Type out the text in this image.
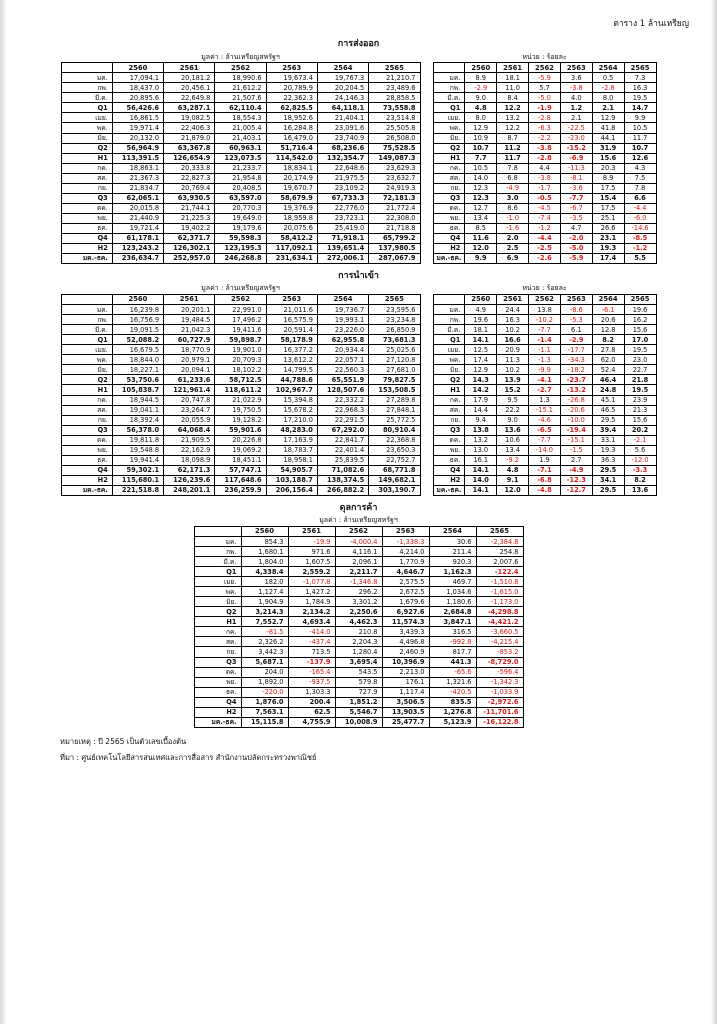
ตาราง 1 ล้านเหรียญ
การส่งออก
มูลค่า : ล้านเหรียญสหรัฐฯ						
	2560	2561	2562	2563	2564	2565
มค.	17,094.1	20,181.2	18,990.6	19,673.4	19,767.3	21,210.7
กพ.	18,437.0	20,456.1	21,612.2	20,789.9	20,204.5	23,489.6
มี.ค.	20,895.6	22,649.8	21,507.6	22,362.3	24,146.3	28,858.5
Q1	56,426.6	63,287.1	62,110.4	62,825.5	64,118.1	73,558.8
เมย.	16,861.5	19,082.5	18,554.3	18,952.6	21,404.1	23,514.8
พค.	19,971.4	22,406.3	21,005.4	16,284.8	23,091.6	25,505.8
มิย.	20,132.0	21,879.0	21,403.1	16,479.0	23,740.9	26,508.0
Q2	56,964.9	63,367.8	60,963.1	51,716.4	68,236.6	75,528.5
H1	113,391.5	126,654.9	123,073.5	114,542.0	132,354.7	149,087.3
กค.	18,863.1	20,333.8	21,233.7	18,834.1	22,648.6	23,629.3
สค.	21,367.3	22,827.3	21,954.8	20,174.9	21,975.5	23,632.7
กย.	21,834.7	20,769.4	20,408.5	19,670.7	23,109.2	24,919.3
Q3	62,065.1	63,930.5	63,597.0	58,679.9	67,733.3	72,181.3
ตค.	20,015.8	21,744.1	20,770.3	19,376.9	22,776.0	21,772.4
พย.	21,440.9	21,225.3	19,649.0	18,959.8	23,723.1	22,308.0
ธค.	19,721.4	19,402.2	19,179.6	20,075.6	25,419.0	21,718.8
Q4	61,178.1	62,371.7	59,598.3	58,412.2	71,918.1	65,799.2
H2	123,243.2	126,302.1	123,195.3	117,092.1	139,651.4	137,980.5
มค.-ธค.	236,634.7	252,957.0	246,268.8	231,634.1	272,006.1	287,067.9
หน่วย : ร้อยละ						
	2560	2561	2562	2563	2564	2565
มค.	8.9	18.1	-5.9	3.6	0.5	7.3
กพ.	-2.9	11.0	5.7	-3.8	-2.8	16.3
มี.ค.	9.0	8.4	-5.0	4.0	8.0	19.5
Q1	4.8	12.2	-1.9	1.2	2.1	14.7
เมย.	8.0	13.2	-2.8	2.1	12.9	9.9
พค.	12.9	12.2	-6.3	-22.5	41.8	10.5
มิย.	10.9	8.7	-2.2	-23.0	44.1	11.7
Q2	10.7	11.2	-3.8	-15.2	31.9	10.7
H1	7.7	11.7	-2.8	-6.9	15.6	12.6
กค.	10.5	7.8	4.4	-11.3	20.3	4.3
สค.	14.0	6.8	-3.8	-8.1	8.9	7.5
กย.	12.3	-4.9	-1.7	-3.6	17.5	7.8
Q3	12.3	3.0	-0.5	-7.7	15.4	6.6
ตค.	12.7	8.6	-4.5	-6.7	17.5	-4.4
พย.	13.4	-1.0	-7.4	-3.5	25.1	-6.0
ธค.	8.5	-1.6	-1.2	4.7	26.6	-14.6
Q4	11.6	2.0	-4.4	-2.0	23.1	-8.5
H2	12.0	2.5	-2.5	-5.0	19.3	-1.2
มค.-ธค.	9.9	6.9	-2.6	-5.9	17.4	5.5
การนำเข้า
มูลค่า : ล้านเหรียญสหรัฐฯ						
	2560	2561	2562	2563	2564	2565
มค.	16,239.8	20,201.1	22,991.0	21,011.6	19,736.7	23,595.6
กพ.	16,756.9	19,484.5	17,496.2	16,575.9	19,993.1	23,234.8
มี.ค.	19,091.5	21,042.3	19,411.6	20,591.4	23,226.0	26,850.9
Q1	52,088.2	60,727.9	59,898.7	58,178.9	62,955.8	73,681.3
เมย.	16,679.5	18,770.9	19,901.0	16,377.2	20,934.4	25,025.6
พค.	18,844.0	20,979.1	20,709.3	13,612.2	22,057.1	27,120.8
มิย.	18,227.1	20,094.1	18,102.2	14,799.5	22,560.3	27,681.0
Q2	53,750.6	61,233.6	58,712.5	44,788.6	65,551.9	79,827.5
H1	105,838.7	121,961.4	118,611.2	102,967.7	128,507.6	153,508.5
กค.	18,944.5	20,747.8	21,022.9	15,394.8	22,332.2	27,289.8
สค.	19,041.1	23,264.7	19,750.5	15,678.2	22,968.3	27,848.1
กย.	18,392.4	20,055.9	19,128.2	17,210.0	22,291.5	25,772.5
Q3	56,378.0	64,068.4	59,901.6	48,283.0	67,292.0	80,910.4
ตค.	19,811.8	21,909.5	20,226.8	17,163.9	22,841.7	22,368.8
พย.	19,548.8	22,162.9	19,069.2	18,783.7	22,401.4	23,650.3
ธค.	19,941.4	18,098.9	18,451.1	18,958.1	25,839.5	22,752.7
Q4	59,302.1	62,171.3	57,747.1	54,905.7	71,082.6	68,771.8
H2	115,680.1	126,239.6	117,648.6	103,188.7	138,374.5	149,682.1
มค.-ธค.	221,518.8	248,201.1	236,259.9	206,156.4	266,882.2	303,190.7
หน่วย : ร้อยละ						
	2560	2561	2562	2563	2564	2565
มค.	4.9	24.4	13.8	-8.6	-6.1	19.6
กพ.	19.6	16.3	-10.2	-5.3	20.6	16.2
มี.ค.	18.1	10.2	-7.7	6.1	12.8	15.6
Q1	14.1	16.6	-1.4	-2.9	8.2	17.0
เมย.	12.5	20.9	-1.1	-17.7	27.8	19.5
พค.	17.4	11.3	-1.3	-34.3	62.0	23.0
มิย.	12.9	10.2	-9.9	-18.2	52.4	22.7
Q2	14.3	13.9	-4.1	-23.7	46.4	21.8
H1	14.2	15.2	-2.7	-13.2	24.8	19.5
กค.	17.9	9.5	1.3	-26.8	45.1	23.9
สค.	14.4	22.2	-15.1	-20.6	46.5	21.3
กย.	9.4	9.0	-4.6	-10.0	29.5	15.6
Q3	13.8	13.6	-6.5	-19.4	39.4	20.2
ตค.	13.2	10.6	-7.7	-15.1	33.1	-2.1
พย.	13.0	13.4	-14.0	-1.5	19.3	5.6
ธค.	16.1	-9.2	1.9	2.7	36.3	-12.0
Q4	14.1	4.8	-7.1	-4.9	29.5	-3.3
H2	14.0	9.1	-6.8	-12.3	34.1	8.2
มค.-ธค.	14.1	12.0	-4.8	-12.7	29.5	13.6
ดุลการค้า
มูลค่า : ล้านเหรียญสหรัฐฯ						
	2560	2561	2562	2563	2564	2565
มค.	854.3	-19.9	-4,000.4	-1,338.3	30.6	-2,384.8
กพ.	1,680.1	971.6	4,116.1	4,214.0	211.4	254.8
มี.ค.	1,804.0	1,607.5	2,096.1	1,770.9	920.3	2,007.6
Q1	4,338.4	2,559.2	2,211.7	4,646.7	1,162.3	-122.4
เมย.	182.0	-1,077.8	-1,346.8	2,575.5	469.7	-1,510.8
พค.	1,127.4	1,427.2	296.2	2,672.5	1,034.6	-1,615.0
มิย.	1,904.9	1,784.9	3,301.2	1,679.6	1,180.6	-1,173.0
Q2	3,214.3	2,134.2	2,250.6	6,927.6	2,684.8	-4,298.8
H1	7,552.7	4,693.4	4,462.3	11,574.3	3,847.1	-4,421.2
กค.	-81.5	-414.0	210.8	3,439.3	316.5	-3,660.5
สค.	2,326.2	-437.4	2,204.3	4,496.8	-992.8	-4,215.4
กย.	3,442.3	713.5	1,280.4	2,460.9	817.7	-853.2
Q3	5,687.1	-137.9	3,695.4	10,396.9	441.3	-8,729.0
ตค.	204.0	-165.4	543.5	2,213.0	-65.6	-596.4
พย.	1,892.0	-937.5	579.8	176.1	1,321.6	-1,342.3
ธค.	-220.0	1,303.3	727.9	1,117.4	-420.5	-1,033.9
Q4	1,876.0	200.4	1,851.2	3,506.5	835.5	-2,972.6
H2	7,563.1	62.5	5,546.7	13,903.5	1,276.8	-11,701.6
มค.-ธค.	15,115.8	4,755.9	10,008.9	25,477.7	5,123.9	-16,122.8
หมายเหตุ : ปี 2565 เป็นตัวเลขเบื้องต้น
ที่มา : ศูนย์เทคโนโลยีสารสนเทศและการสื่อสาร สำนักงานปลัดกระทรวงพาณิชย์
